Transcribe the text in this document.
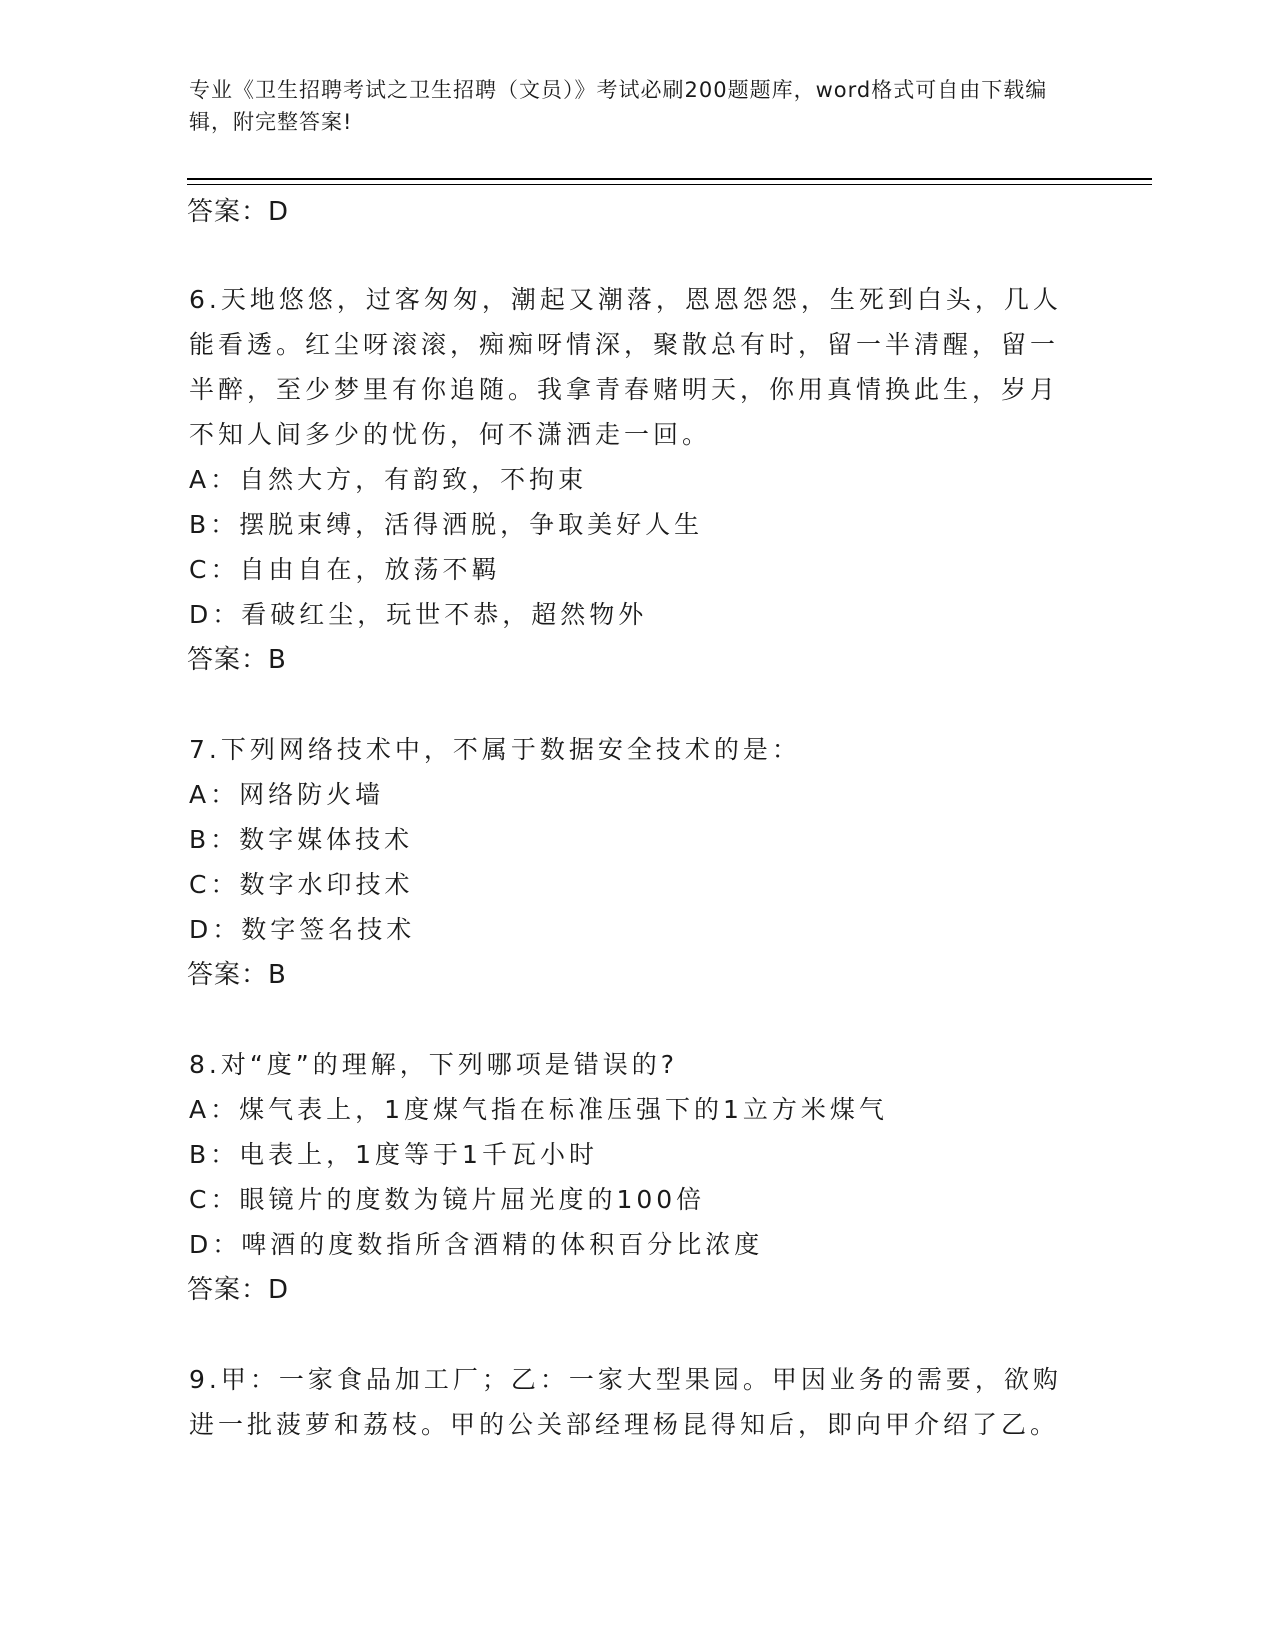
专业《卫生招聘考试之卫生招聘（文员）》考试必刷200题题库，word格式可自由下载编辑，附完整答案!
答案：D
6.天地悠悠，过客匆匆，潮起又潮落，恩恩怨怨，生死到白头，几人
能看透。红尘呀滚滚，痴痴呀情深，聚散总有时，留一半清醒，留一
半醉，至少梦里有你追随。我拿青春赌明天，你用真情换此生，岁月
不知人间多少的忧伤，何不潇洒走一回。
A：自然大方，有韵致，不拘束
B：摆脱束缚，活得洒脱，争取美好人生
C：自由自在，放荡不羁
D：看破红尘，玩世不恭，超然物外
答案：B
7.下列网络技术中，不属于数据安全技术的是：
A：网络防火墙
B：数字媒体技术
C：数字水印技术
D：数字签名技术
答案：B
8.对“度”的理解，下列哪项是错误的?
A：煤气表上，1度煤气指在标准压强下的1立方米煤气
B：电表上，1度等于1千瓦小时
C：眼镜片的度数为镜片屈光度的100倍
D：啤酒的度数指所含酒精的体积百分比浓度
答案：D
9.甲：一家食品加工厂；乙：一家大型果园。甲因业务的需要，欲购
进一批菠萝和荔枝。甲的公关部经理杨昆得知后，即向甲介绍了乙。
